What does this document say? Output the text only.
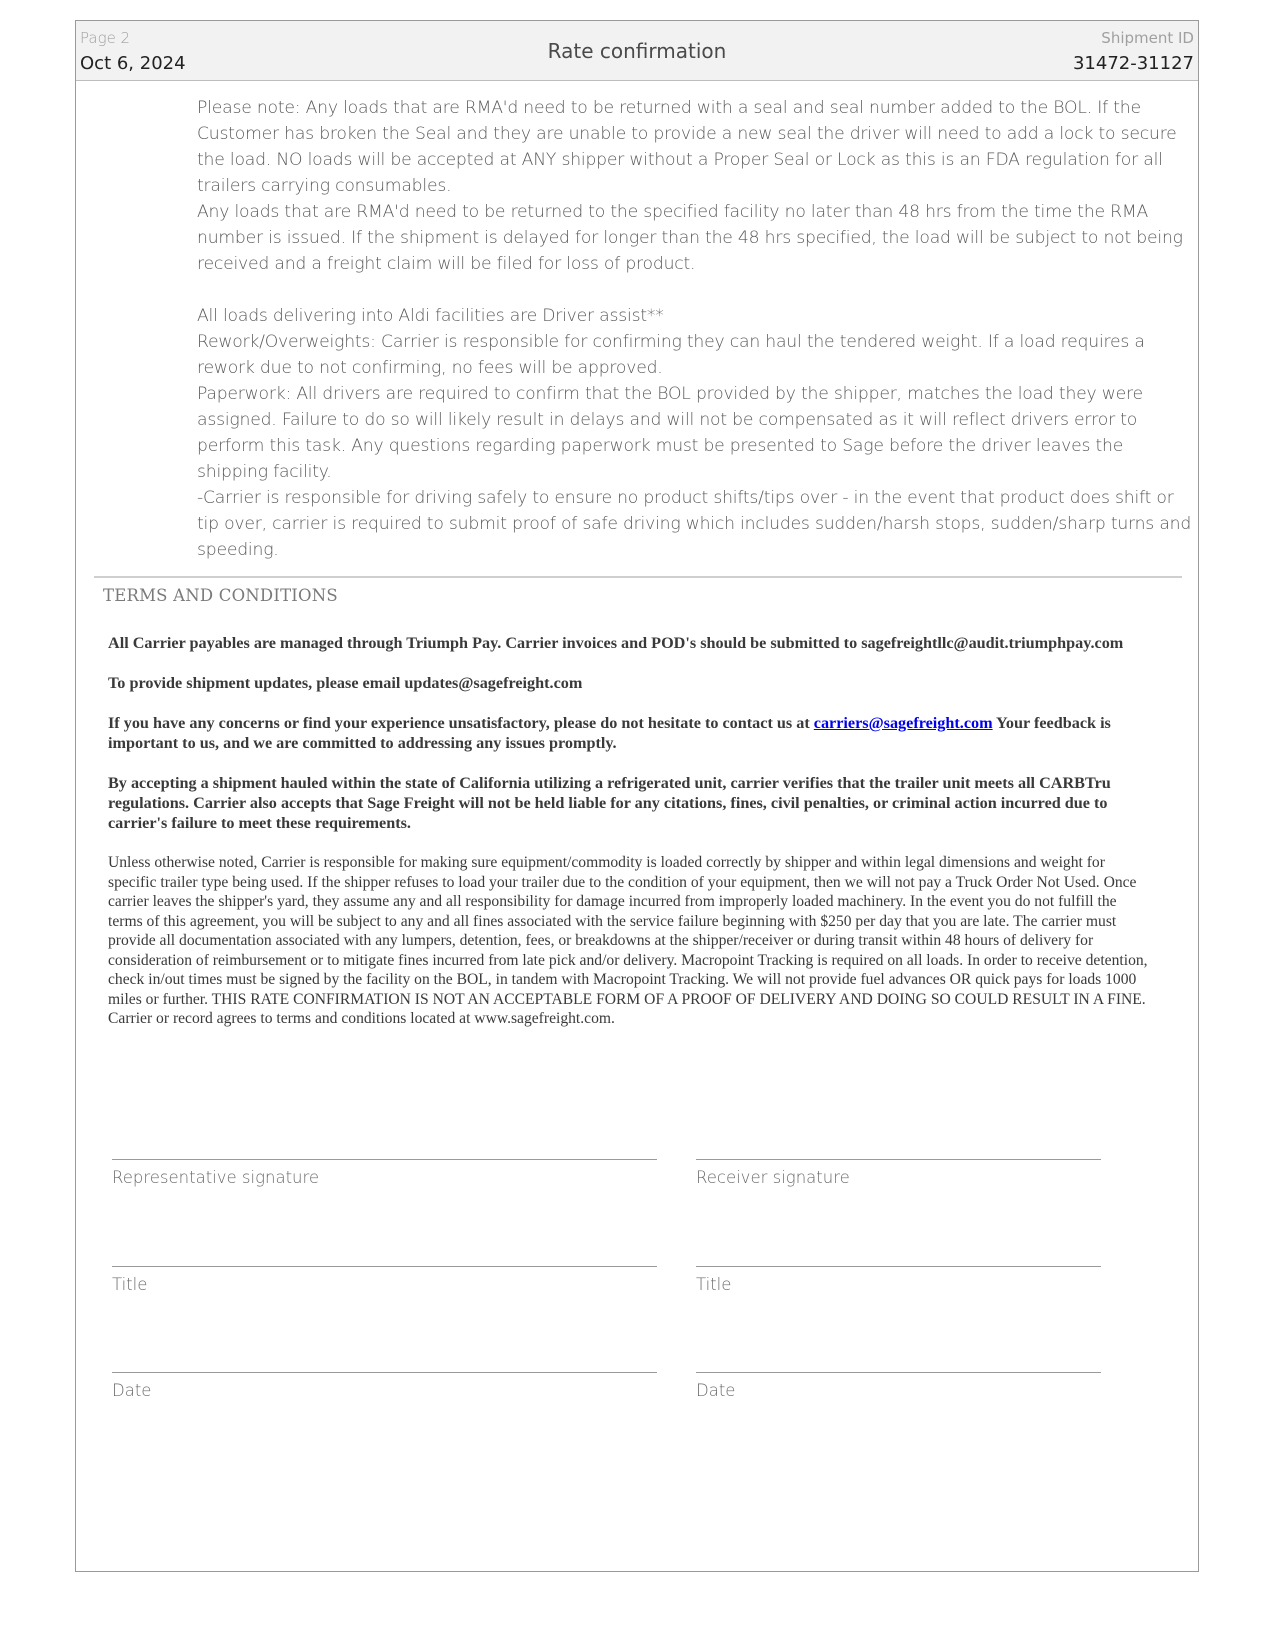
Page 2
Oct 6, 2024
Rate confirmation
Shipment ID
31472-31127

Please note: Any loads that are RMA'd need to be returned with a seal and seal number added to the BOL. If the Customer has broken the Seal and they are unable to provide a new seal the driver will need to add a lock to secure the load. NO loads will be accepted at ANY shipper without a Proper Seal or Lock as this is an FDA regulation for all trailers carrying consumables.

Any loads that are RMA'd need to be returned to the specified facility no later than 48 hrs from the time the RMA number is issued. If the shipment is delayed for longer than the 48 hrs specified, the load will be subject to not being received and a freight claim will be filed for loss of product.

All loads delivering into Aldi facilities are Driver assist**

Rework/Overweights: Carrier is responsible for confirming they can haul the tendered weight. If a load requires a rework due to not confirming, no fees will be approved.

Paperwork: All drivers are required to confirm that the BOL provided by the shipper, matches the load they were assigned. Failure to do so will likely result in delays and will not be compensated as it will reflect drivers error to perform this task. Any questions regarding paperwork must be presented to Sage before the driver leaves the shipping facility.

-Carrier is responsible for driving safely to ensure no product shifts/tips over - in the event that product does shift or tip over, carrier is required to submit proof of safe driving which includes sudden/harsh stops, sudden/sharp turns and speeding.

TERMS AND CONDITIONS

All Carrier payables are managed through Triumph Pay. Carrier invoices and POD's should be submitted to sagefreightllc@audit.triumphpay.com

To provide shipment updates, please email updates@sagefreight.com

If you have any concerns or find your experience unsatisfactory, please do not hesitate to contact us at carriers@sagefreight.com Your feedback is important to us, and we are committed to addressing any issues promptly.

By accepting a shipment hauled within the state of California utilizing a refrigerated unit, carrier verifies that the trailer unit meets all CARBTru regulations. Carrier also accepts that Sage Freight will not be held liable for any citations, fines, civil penalties, or criminal action incurred due to carrier's failure to meet these requirements.

Unless otherwise noted, Carrier is responsible for making sure equipment/commodity is loaded correctly by shipper and within legal dimensions and weight for specific trailer type being used. If the shipper refuses to load your trailer due to the condition of your equipment, then we will not pay a Truck Order Not Used. Once carrier leaves the shipper's yard, they assume any and all responsibility for damage incurred from improperly loaded machinery. In the event you do not fulfill the terms of this agreement, you will be subject to any and all fines associated with the service failure beginning with $250 per day that you are late. The carrier must provide all documentation associated with any lumpers, detention, fees, or breakdowns at the shipper/receiver or during transit within 48 hours of delivery for consideration of reimbursement or to mitigate fines incurred from late pick and/or delivery. Macropoint Tracking is required on all loads. In order to receive detention, check in/out times must be signed by the facility on the BOL, in tandem with Macropoint Tracking. We will not provide fuel advances OR quick pays for loads 1000 miles or further. THIS RATE CONFIRMATION IS NOT AN ACCEPTABLE FORM OF A PROOF OF DELIVERY AND DOING SO COULD RESULT IN A FINE. Carrier or record agrees to terms and conditions located at www.sagefreight.com.

Representative signature	Receiver signature
Title	Title
Date	Date
